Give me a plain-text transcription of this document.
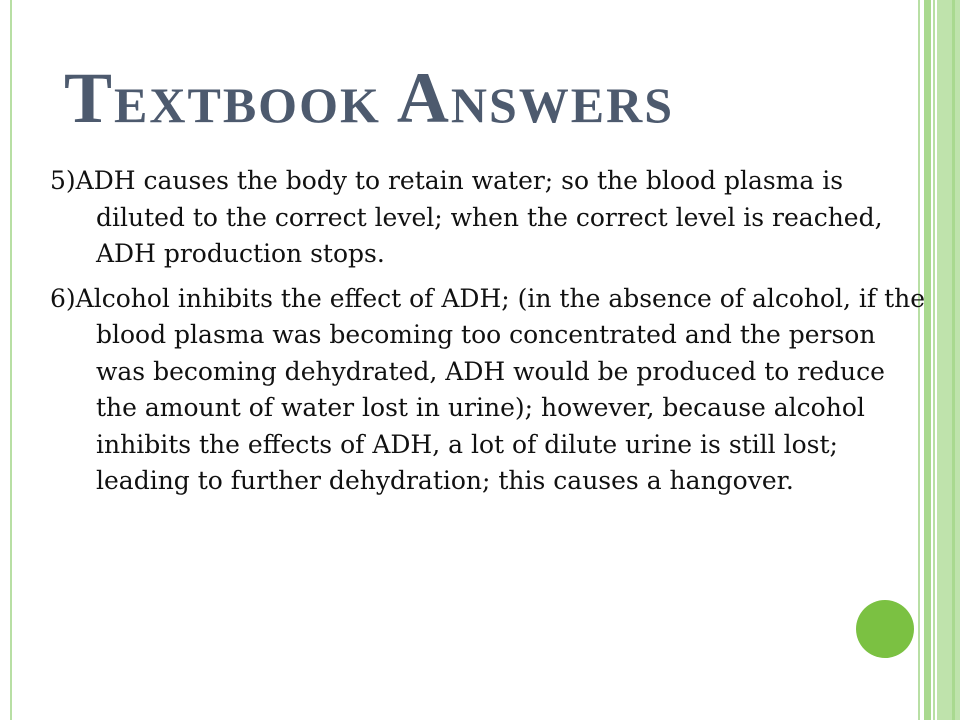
Textbook Answers

5)ADH causes the body to retain water; so the blood plasma is diluted to the correct level; when the correct level is reached, ADH production stops.

6)Alcohol inhibits the effect of ADH; (in the absence of alcohol, if the blood plasma was becoming too concentrated and the person was becoming dehydrated, ADH would be produced to reduce the amount of water lost in urine); however, because alcohol inhibits the effects of ADH, a lot of dilute urine is still lost; leading to further dehydration; this causes a hangover.
